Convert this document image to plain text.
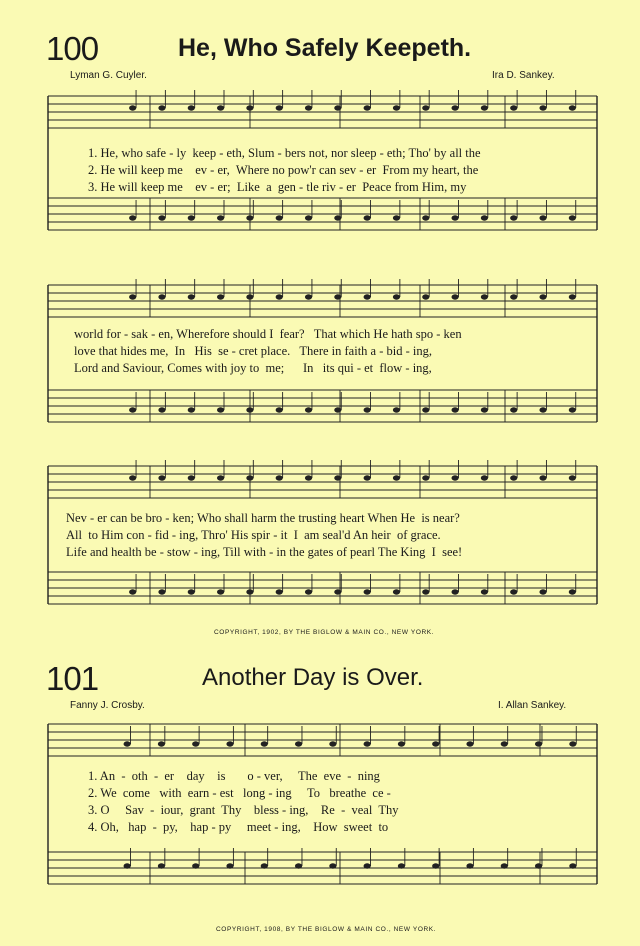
100	He, Who Safely Keepeth.
Lyman G. Cuyler.	Ira D. Sankey.
1. He, who safe - ly  keep - eth, Slum - bers not, nor sleep - eth; Tho' by all the
2. He will keep me    ev - er,  Where no pow'r can sev - er  From my heart, the
3. He will keep me    ev - er;  Like  a  gen - tle riv - er  Peace from Him, my
world for - sak - en, Wherefore should I  fear?   That which He hath spo - ken
love that hides me,  In   His  se - cret place.   There in faith a - bid - ing,
Lord and Saviour, Comes with joy to  me;      In   its qui - et  flow - ing,
Nev - er can be bro - ken; Who shall harm the trusting heart When He  is near?
All  to Him con - fid - ing, Thro' His spir - it  I  am seal'd An heir  of grace.
Life and health be - stow - ing, Till with - in the gates of pearl The King  I  see!
COPYRIGHT, 1902, BY THE BIGLOW & MAIN CO., NEW YORK.
101	Another Day is Over.
Fanny J. Crosby.	I. Allan Sankey.
1. An  -  oth  -  er    day    is       o - ver,     The  eve  -  ning
2. We  come   with  earn - est   long - ing     To   breathe  ce -
3. O     Sav  -  iour,  grant  Thy    bless - ing,    Re  -  veal  Thy
4. Oh,   hap  -  py,    hap - py     meet - ing,    How  sweet  to
COPYRIGHT, 1908, BY THE BIGLOW & MAIN CO., NEW YORK.
